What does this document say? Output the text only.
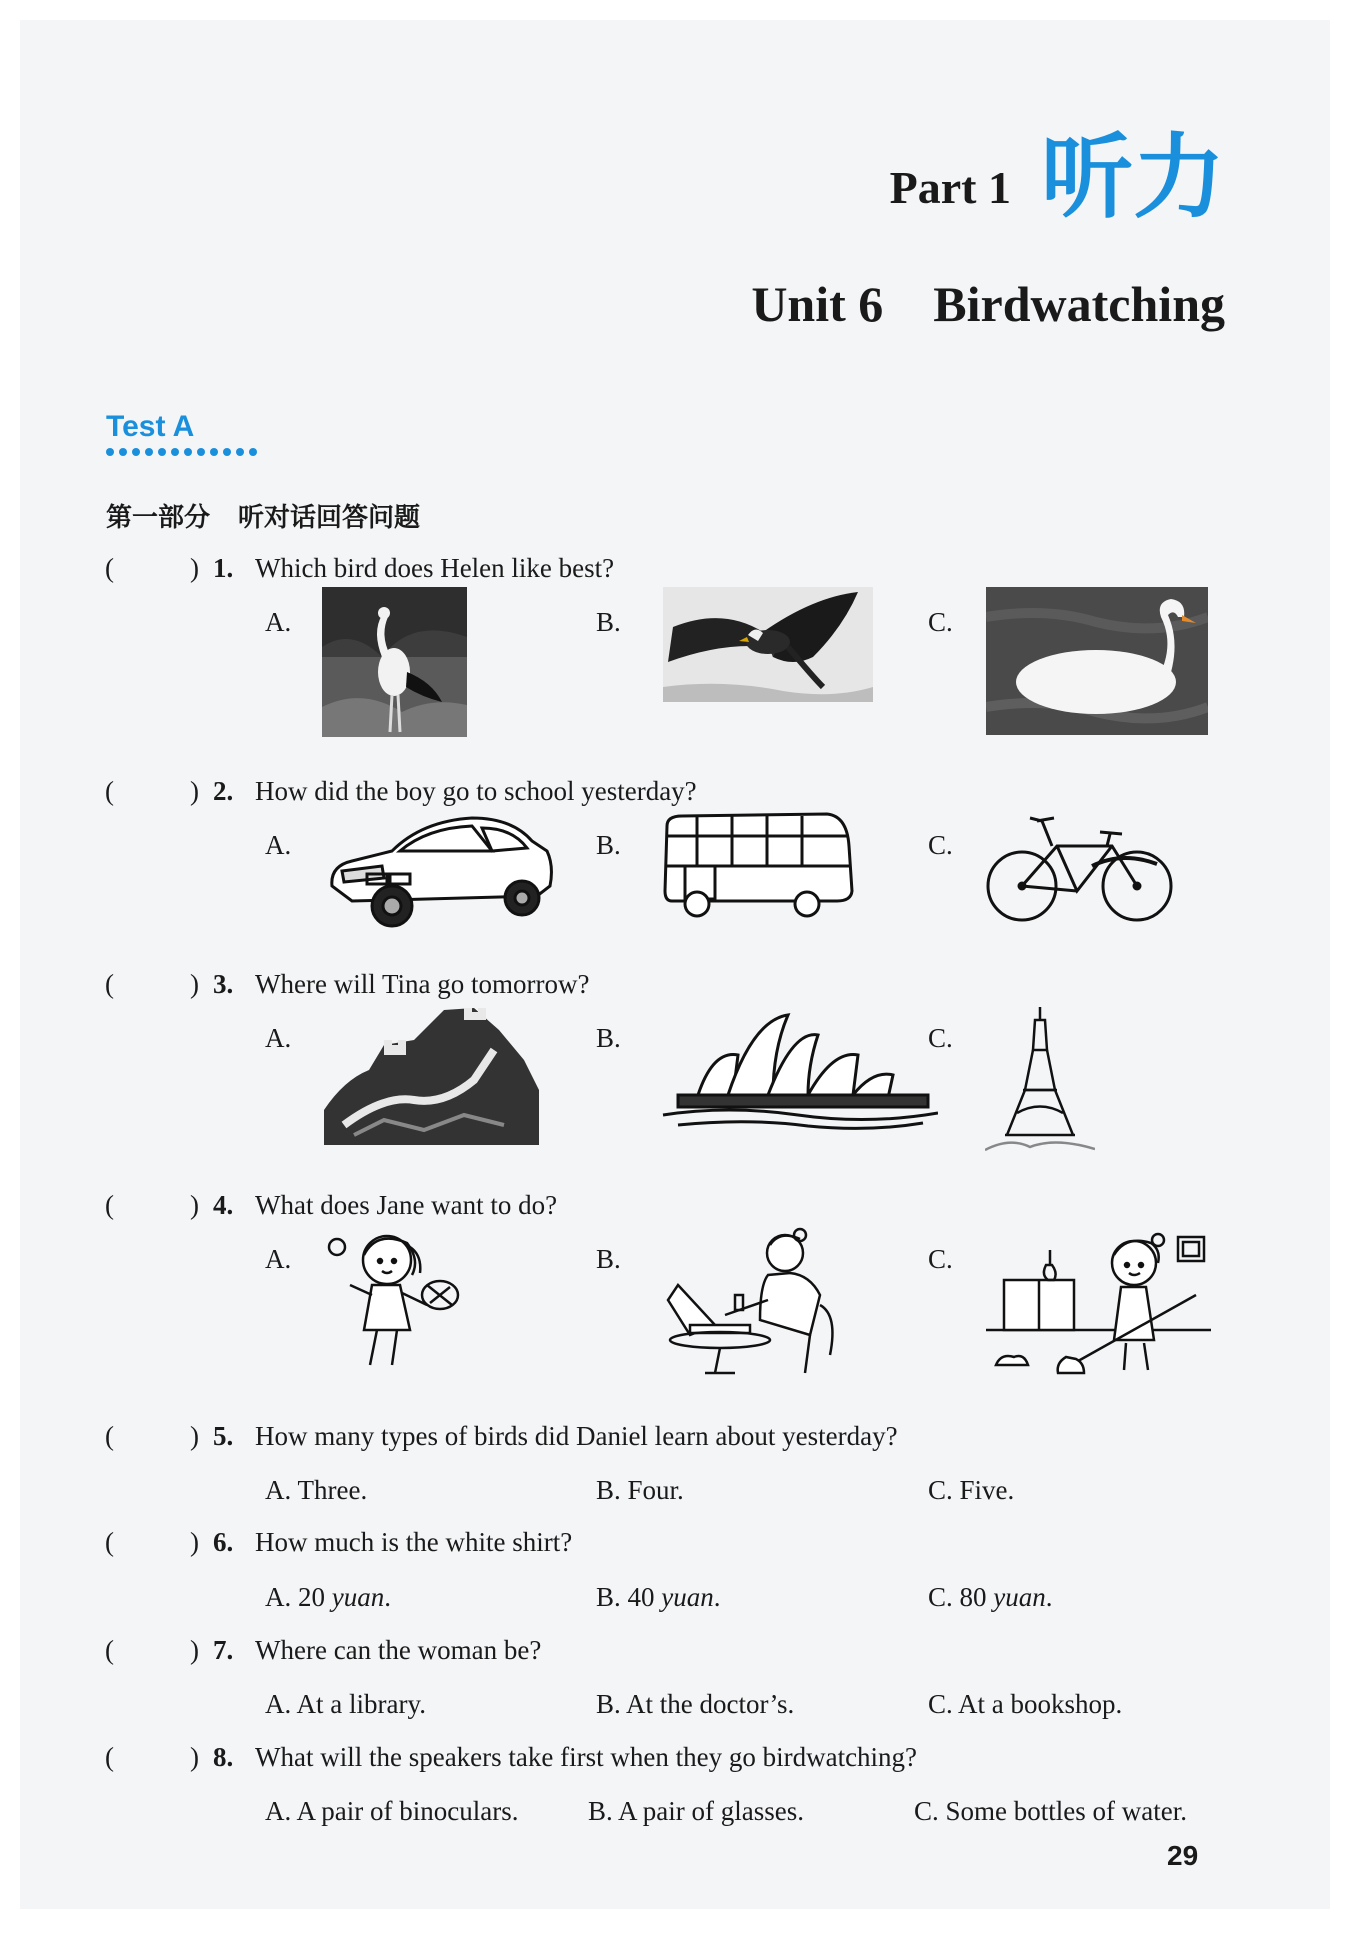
Part 1 听力
Unit 6 Birdwatching
Test A
第一部分 听对话回答问题
(	) 1. Which bird does Helen like best?
A.	B.	C.
(	) 2. How did the boy go to school yesterday?
A.	B.	C.
(	) 3. Where will Tina go tomorrow?
A.	B.	C.
(	) 4. What does Jane want to do?
A.	B.	C.
(	) 5. How many types of birds did Daniel learn about yesterday?
A. Three.	B. Four.	C. Five.
(	) 6. How much is the white shirt?
A. 20 yuan.	B. 40 yuan.	C. 80 yuan.
(	) 7. Where can the woman be?
A. At a library.	B. At the doctor’s.	C. At a bookshop.
(	) 8. What will the speakers take first when they go birdwatching?
A. A pair of binoculars.	B. A pair of glasses.	C. Some bottles of water.
29
